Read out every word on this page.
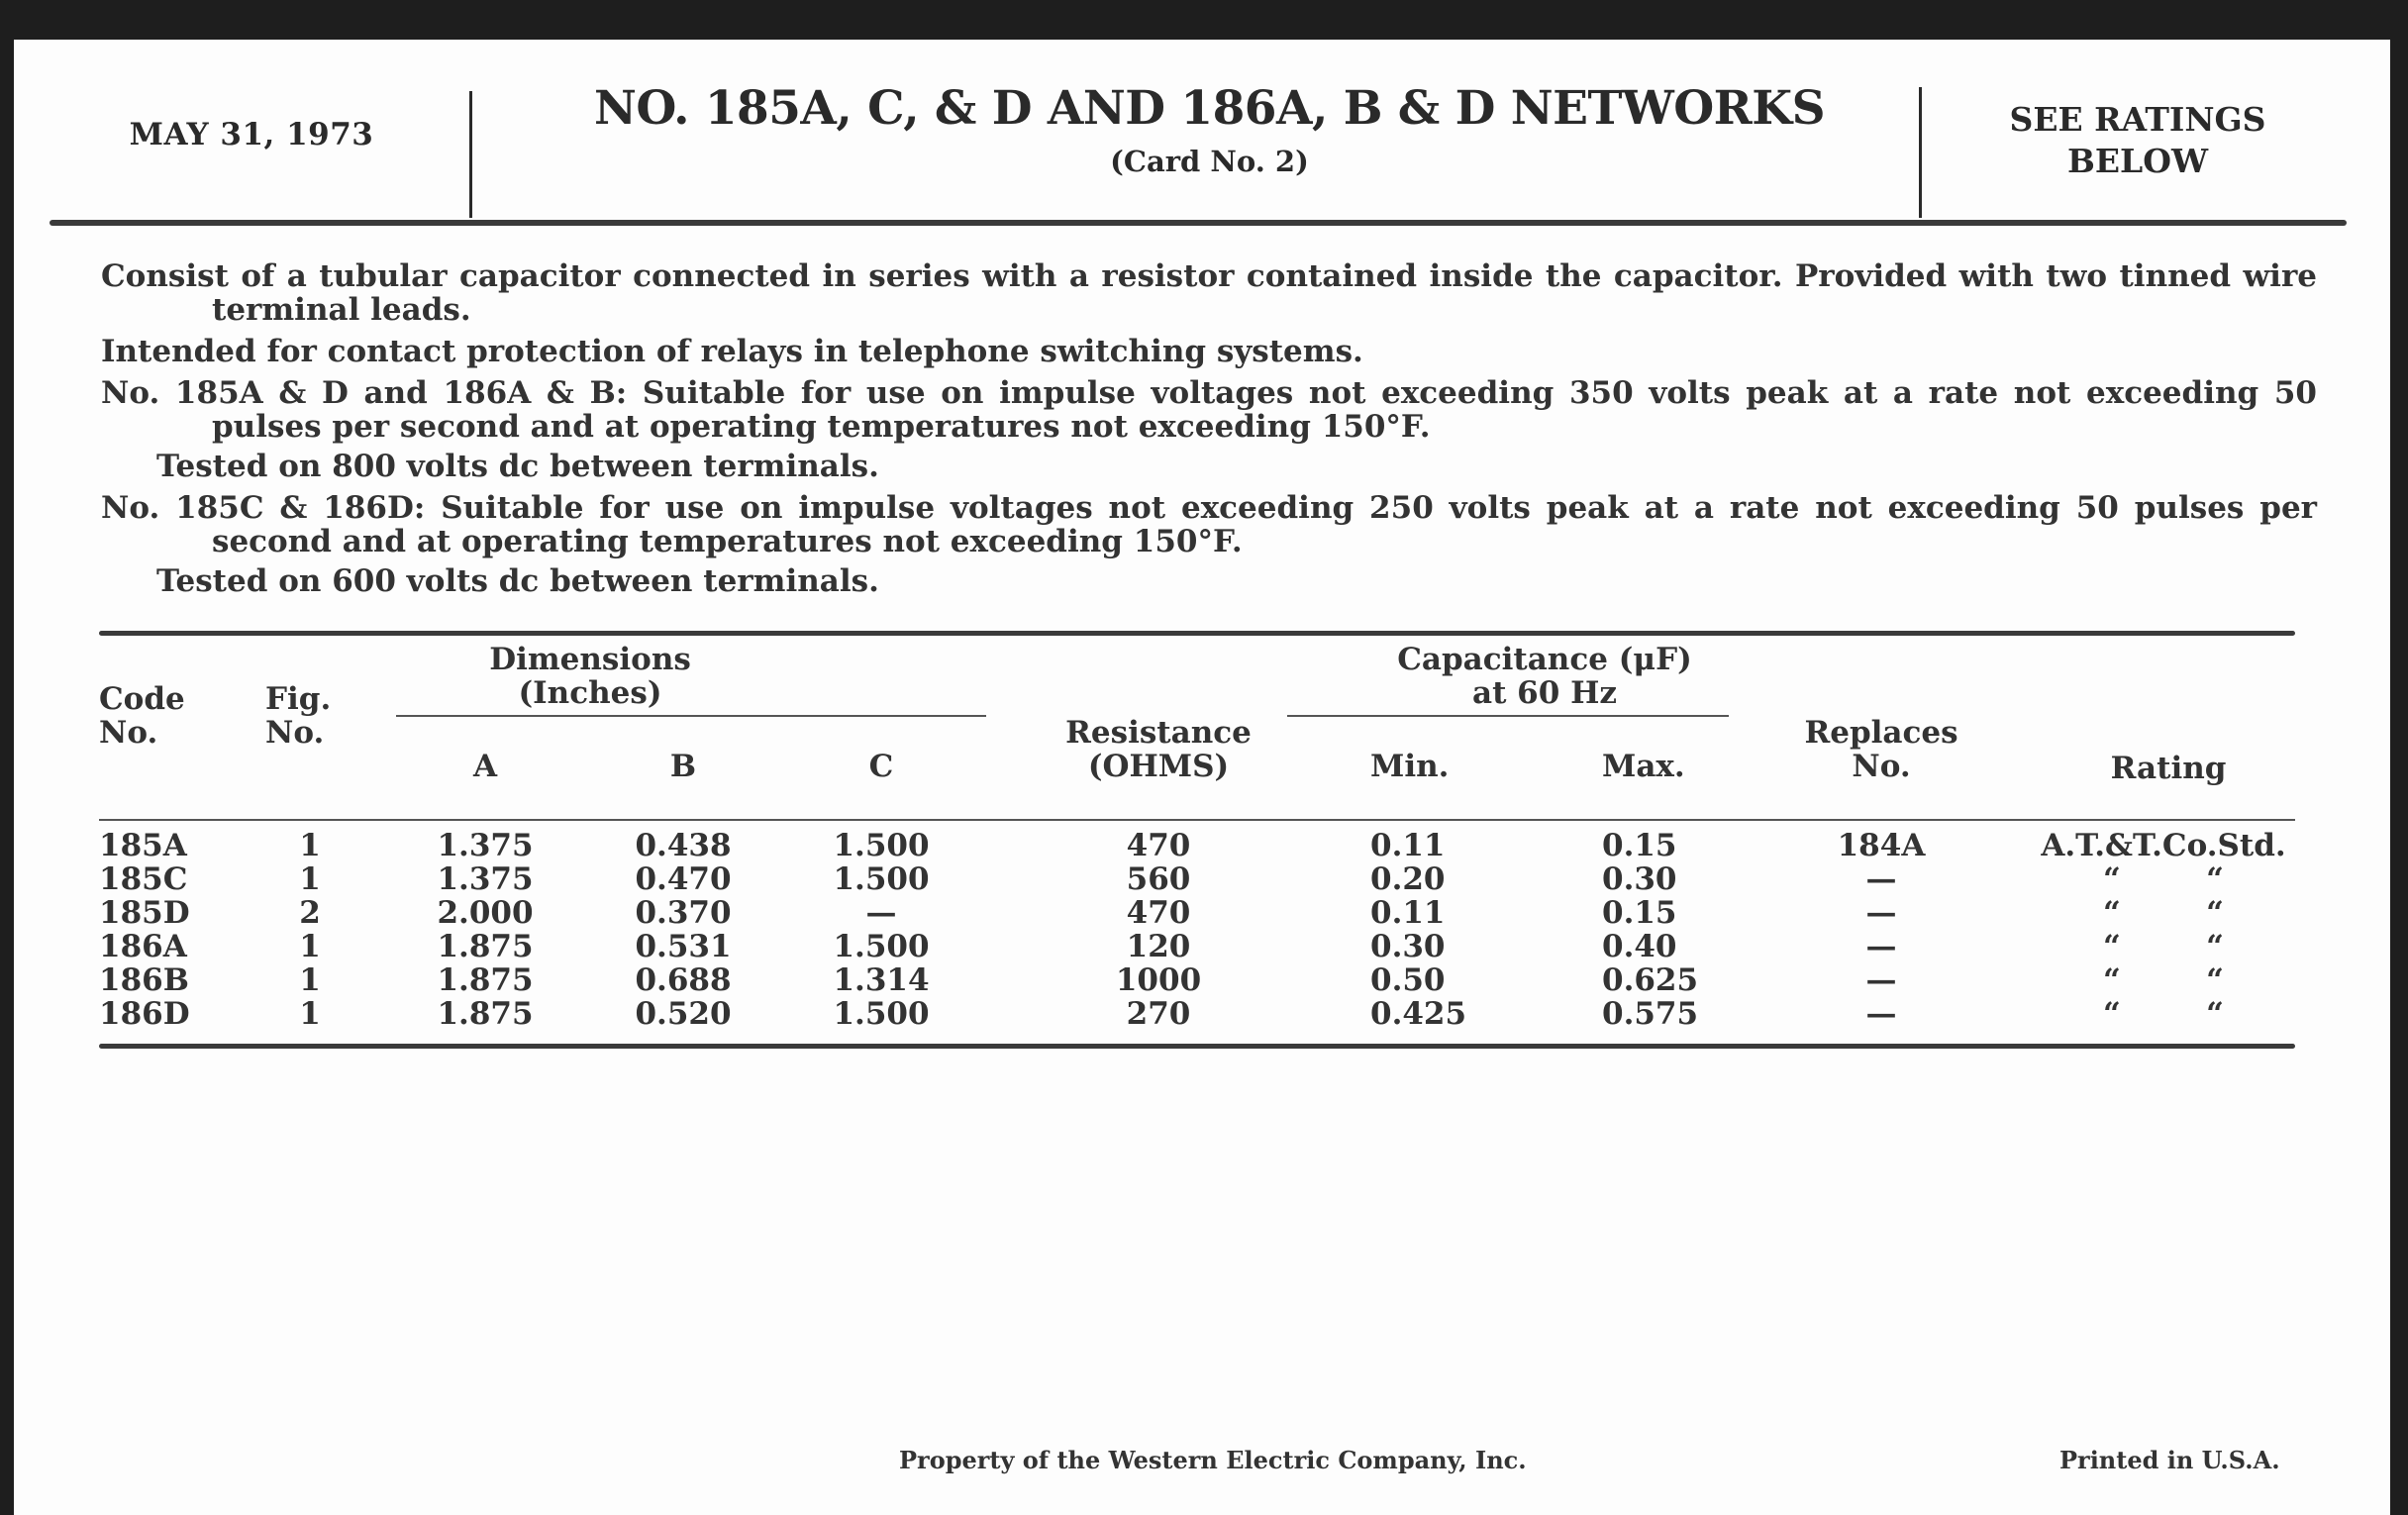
MAY 31, 1973	NO. 185A, C, & D AND 186A, B & D NETWORKS
(Card No. 2)
SEE RATINGS
BELOW
Consist of a tubular capacitor connected in series with a resistor contained inside the capacitor. Provided with two tinned wire terminal leads.
Intended for contact protection of relays in telephone switching systems.
No. 185A & D and 186A & B: Suitable for use on impulse voltages not exceeding 350 volts peak at a rate not exceeding 50 pulses per second and at operating temperatures not exceeding 150°F.
Tested on 800 volts dc between terminals.
No. 185C & 186D: Suitable for use on impulse voltages not exceeding 250 volts peak at a rate not exceeding 50 pulses per second and at operating temperatures not exceeding 150°F.
Tested on 600 volts dc between terminals.
Dimensions
(Inches)
Capacitance (μF)
at 60 Hz
Code
No.
Fig.
No.
A	B	C
Resistance
(OHMS)	Min.	Max.
Replaces
No.	Rating
185A	1	1.375	0.438	1.500	470	0.11	0.15	184A	A.T.&T.Co.Std.
185C	1	1.375	0.470	1.500	560	0.20	0.30	—	“        “
185D	2	2.000	0.370	—	470	0.11	0.15	—	“        “
186A	1	1.875	0.531	1.500	120	0.30	0.40	—	“        “
186B	1	1.875	0.688	1.314	1000	0.50	0.625	—	“        “
186D	1	1.875	0.520	1.500	270	0.425	0.575	—	“        “
Property of the Western Electric Company, Inc.	Printed in U.S.A.
